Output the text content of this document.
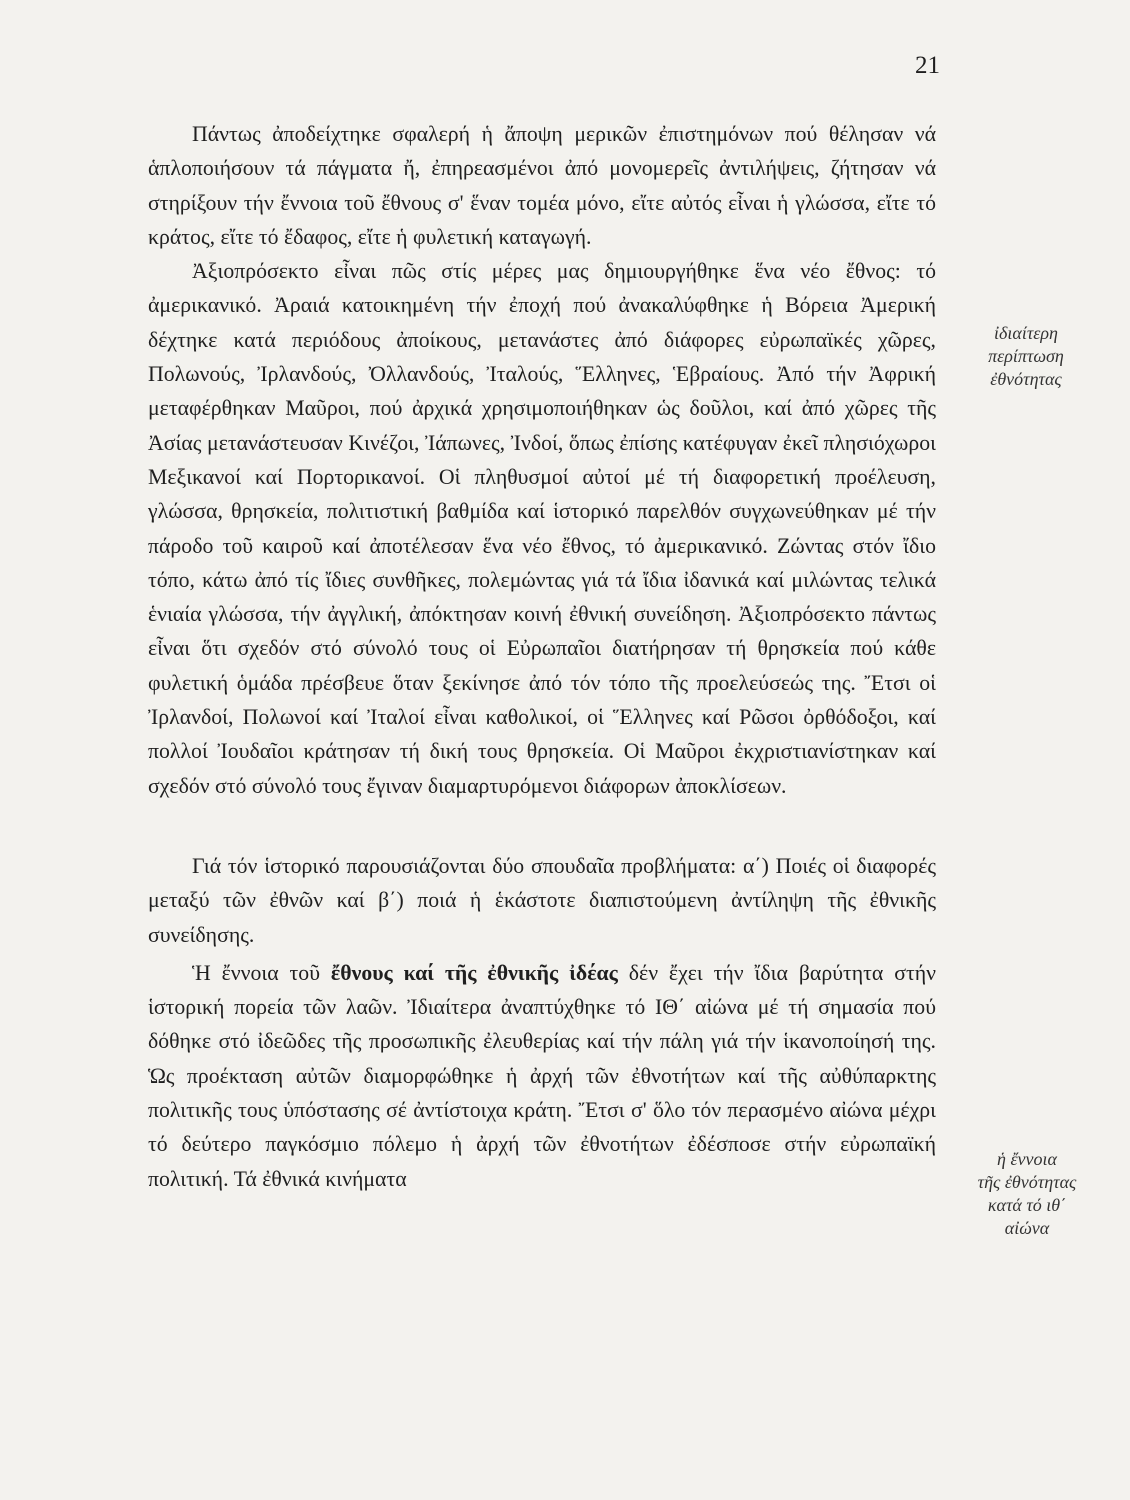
21

Πάντως ἀποδείχτηκε σφαλερή ἡ ἄποψη μερικῶν ἐπιστημόνων πού θέλησαν νά ἁπλοποιήσουν τά πάγματα ἤ, ἐπηρεασμένοι ἀπό μονομερεῖς ἀντιλήψεις, ζήτησαν νά στηρίξουν τήν ἔννοια τοῦ ἔθνους σ' ἕναν τομέα μόνο, εἴτε αὐτός εἶναι ἡ γλώσσα, εἴτε τό κράτος, εἴτε τό ἔδαφος, εἴτε ἡ φυλετική καταγωγή.

Ἀξιοπρόσεκτο εἶναι πῶς στίς μέρες μας δημιουργήθηκε ἕνα νέο ἔθνος: τό ἀμερικανικό. Ἀραιά κατοικημένη τήν ἐποχή πού ἀνακαλύφθηκε ἡ Βόρεια Ἀμερική δέχτηκε κατά περιόδους ἀποίκους, μετανάστες ἀπό διάφορες εὐρωπαϊκές χῶρες, Πολωνούς, Ἰρλανδούς, Ὀλλανδούς, Ἰταλούς, Ἕλληνες, Ἑβραίους. Ἀπό τήν Ἀφρική μεταφέρθηκαν Μαῦροι, πού ἀρχικά χρησιμοποιήθηκαν ὡς δοῦλοι, καί ἀπό χῶρες τῆς Ἀσίας μετανάστευσαν Κινέζοι, Ἰάπωνες, Ἰνδοί, ὅπως ἐπίσης κατέφυγαν ἐκεῖ πλησιόχωροι Μεξικανοί καί Πορτορικανοί. Οἱ πληθυσμοί αὐτοί μέ τή διαφορετική προέλευση, γλώσσα, θρησκεία, πολιτιστική βαθμίδα καί ἱστορικό παρελθόν συγχωνεύθηκαν μέ τήν πάροδο τοῦ καιροῦ καί ἀποτέλεσαν ἕνα νέο ἔθνος, τό ἀμερικανικό. Ζώντας στόν ἴδιο τόπο, κάτω ἀπό τίς ἴδιες συνθῆκες, πολεμώντας γιά τά ἴδια ἰδανικά καί μιλώντας τελικά ἑνιαία γλώσσα, τήν ἀγγλική, ἀπόκτησαν κοινή ἐθνική συνείδηση. Ἀξιοπρόσεκτο πάντως εἶναι ὅτι σχεδόν στό σύνολό τους οἱ Εὐρωπαῖοι διατήρησαν τή θρησκεία πού κάθε φυλετική ὁμάδα πρέσβευε ὅταν ξεκίνησε ἀπό τόν τόπο τῆς προελεύσεώς της. Ἔτσι οἱ Ἰρλανδοί, Πολωνοί καί Ἰταλοί εἶναι καθολικοί, οἱ Ἕλληνες καί Ρῶσοι ὀρθόδοξοι, καί πολλοί Ἰουδαῖοι κράτησαν τή δική τους θρησκεία. Οἱ Μαῦροι ἐκχριστιανίστηκαν καί σχεδόν στό σύνολό τους ἔγιναν διαμαρτυρόμενοι διάφορων ἀποκλίσεων.

Γιά τόν ἱστορικό παρουσιάζονται δύο σπουδαῖα προβλήματα: α΄) Ποιές οἱ διαφορές μεταξύ τῶν ἐθνῶν καί β΄) ποιά ἡ ἑκάστοτε διαπιστούμενη ἀντίληψη τῆς ἐθνικῆς συνείδησης.

Ἡ ἔννοια τοῦ ἔθνους καί τῆς ἐθνικῆς ἰδέας δέν ἔχει τήν ἴδια βαρύτητα στήν ἱστορική πορεία τῶν λαῶν. Ἰδιαίτερα ἀναπτύχθηκε τό ΙΘ΄ αἰώνα μέ τή σημασία πού δόθηκε στό ἰδεῶδες τῆς προσωπικῆς ἐλευθερίας καί τήν πάλη γιά τήν ἱκανοποίησή της. Ὡς προέκταση αὐτῶν διαμορφώθηκε ἡ ἀρχή τῶν ἐθνοτήτων καί τῆς αὐθύπαρκτης πολιτικῆς τους ὑπόστασης σέ ἀντίστοιχα κράτη. Ἔτσι σ' ὅλο τόν περασμένο αἰώνα μέχρι τό δεύτερο παγκόσμιο πόλεμο ἡ ἀρχή τῶν ἐθνοτήτων ἐδέσποσε στήν εὐρωπαϊκή πολιτική. Τά ἐθνικά κινήματα

ἰδιαίτερη
περίπτωση
ἐθνότητας
ἡ ἔννοια
τῆς ἐθνότητας
κατά τό ιθ΄
αἰώνα
